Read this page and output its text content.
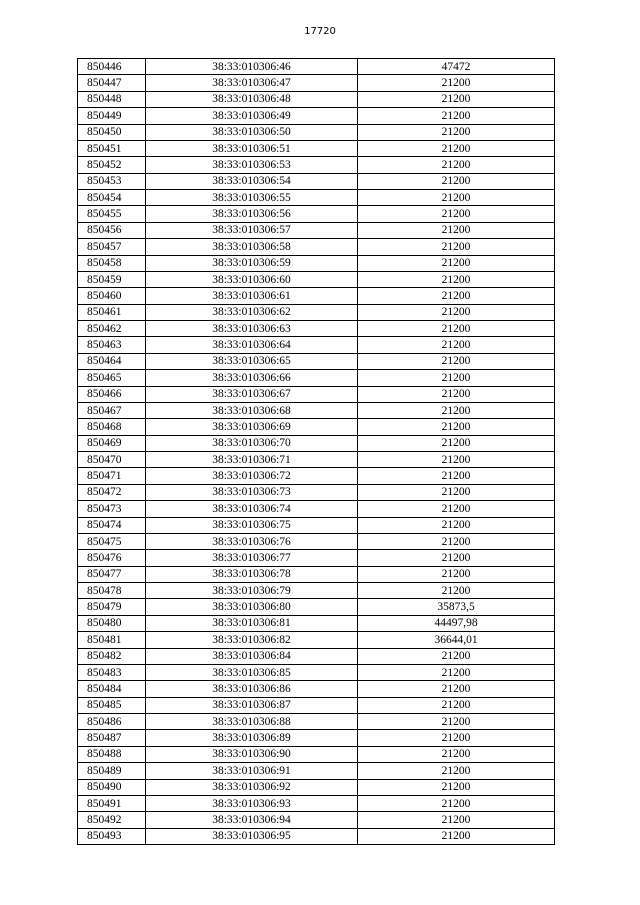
17720
850446	38:33:010306:46	47472
850447	38:33:010306:47	21200
850448	38:33:010306:48	21200
850449	38:33:010306:49	21200
850450	38:33:010306:50	21200
850451	38:33:010306:51	21200
850452	38:33:010306:53	21200
850453	38:33:010306:54	21200
850454	38:33:010306:55	21200
850455	38:33:010306:56	21200
850456	38:33:010306:57	21200
850457	38:33:010306:58	21200
850458	38:33:010306:59	21200
850459	38:33:010306:60	21200
850460	38:33:010306:61	21200
850461	38:33:010306:62	21200
850462	38:33:010306:63	21200
850463	38:33:010306:64	21200
850464	38:33:010306:65	21200
850465	38:33:010306:66	21200
850466	38:33:010306:67	21200
850467	38:33:010306:68	21200
850468	38:33:010306:69	21200
850469	38:33:010306:70	21200
850470	38:33:010306:71	21200
850471	38:33:010306:72	21200
850472	38:33:010306:73	21200
850473	38:33:010306:74	21200
850474	38:33:010306:75	21200
850475	38:33:010306:76	21200
850476	38:33:010306:77	21200
850477	38:33:010306:78	21200
850478	38:33:010306:79	21200
850479	38:33:010306:80	35873,5
850480	38:33:010306:81	44497,98
850481	38:33:010306:82	36644,01
850482	38:33:010306:84	21200
850483	38:33:010306:85	21200
850484	38:33:010306:86	21200
850485	38:33:010306:87	21200
850486	38:33:010306:88	21200
850487	38:33:010306:89	21200
850488	38:33:010306:90	21200
850489	38:33:010306:91	21200
850490	38:33:010306:92	21200
850491	38:33:010306:93	21200
850492	38:33:010306:94	21200
850493	38:33:010306:95	21200
